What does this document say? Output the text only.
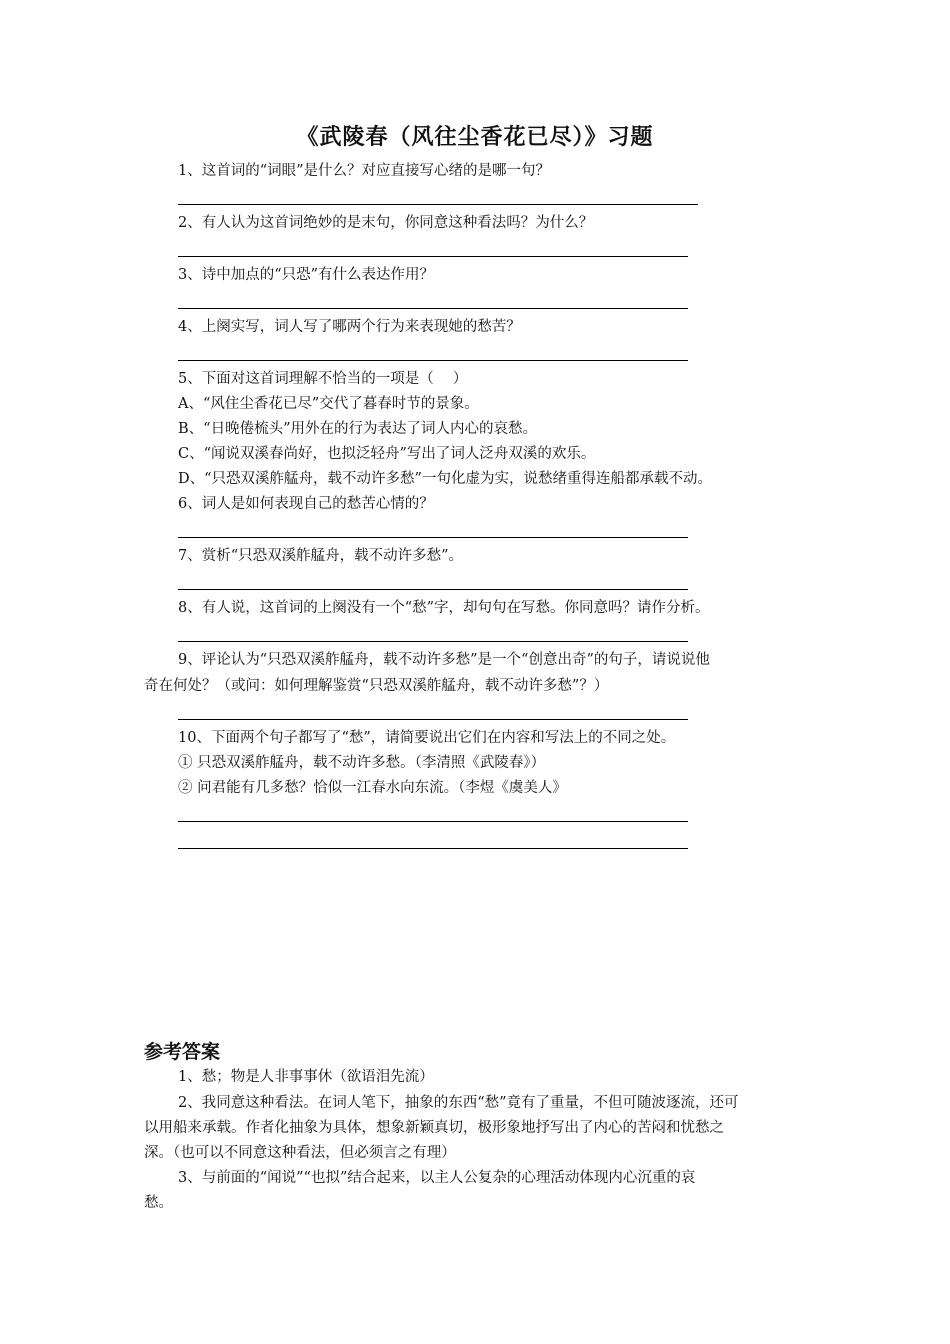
《武陵春（风往尘香花已尽）》习题
1、这首词的“词眼”是什么？对应直接写心绪的是哪一句？
2、有人认为这首词绝妙的是末句，你同意这种看法吗？为什么？
3、诗中加点的“只恐”有什么表达作用？
4、上阕实写，词人写了哪两个行为来表现她的愁苦？
5、下面对这首词理解不恰当的一项是（　 ）
A、“风住尘香花已尽”交代了暮春时节的景象。
B、“日晚倦梳头”用外在的行为表达了词人内心的哀愁。
C、“闻说双溪春尚好，也拟泛轻舟”写出了词人泛舟双溪的欢乐。
D、“只恐双溪舴艋舟，载不动许多愁”一句化虚为实，说愁绪重得连船都承载不动。
6、词人是如何表现自己的愁苦心情的？
7、赏析“只恐双溪舴艋舟，载不动许多愁”。
8、有人说，这首词的上阕没有一个“愁”字，却句句在写愁。你同意吗？请作分析。
9、评论认为“只恐双溪舴艋舟，载不动许多愁”是一个“创意出奇”的句子，请说说他
奇在何处？（或问：如何理解鉴赏“只恐双溪舴艋舟，载不动许多愁”？）
10、下面两个句子都写了“愁”，请简要说出它们在内容和写法上的不同之处。
① 只恐双溪舴艋舟，载不动许多愁。（李清照《武陵春》）
② 问君能有几多愁？恰似一江春水向东流。（李煜《虞美人》
参考答案
1、愁；物是人非事事休（欲语泪先流）
2、我同意这种看法。在词人笔下，抽象的东西“愁”竟有了重量，不但可随波逐流，还可
以用船来承载。作者化抽象为具体，想象新颖真切，极形象地抒写出了内心的苦闷和忧愁之
深。（也可以不同意这种看法，但必须言之有理）
3、与前面的“闻说”“也拟”结合起来，以主人公复杂的心理活动体现内心沉重的哀
愁。
